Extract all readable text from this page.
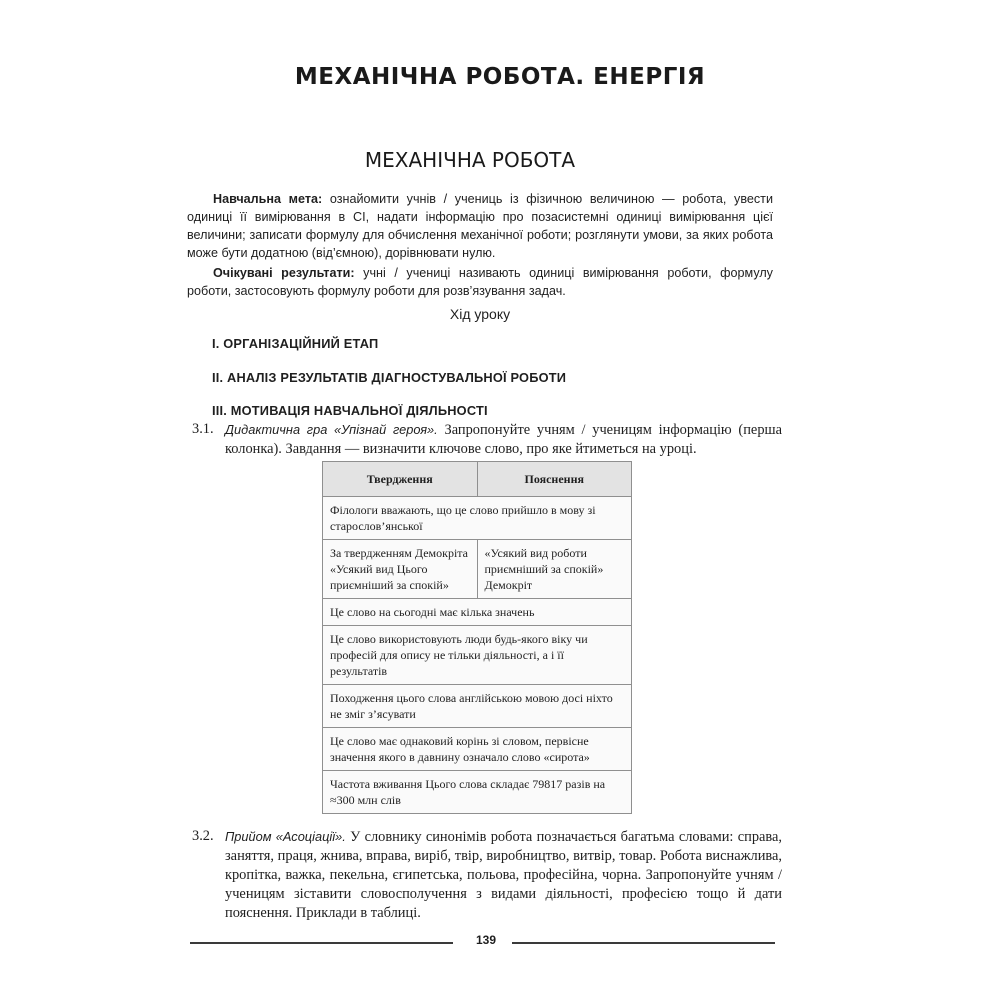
МЕХАНІЧНА РОБОТА. ЕНЕРГІЯ
МЕХАНІЧНА РОБОТА

Навчальна мета: ознайомити учнів / учениць із фізичною величиною — робота, увести одиниці її вимірювання в СІ, надати інформацію про позасистемні одиниці вимірювання цієї величини; записати формулу для обчислення механічної роботи; розглянути умови, за яких робота може бути додатною (від’ємною), дорівнювати нулю.

Очікувані результати: учні / учениці називають одиниці вимірювання роботи, формулу роботи, застосовують формулу роботи для розв’язування задач.

Хід уроку
I. ОРГАНІЗАЦІЙНИЙ ЕТАП
II. АНАЛІЗ РЕЗУЛЬТАТІВ ДІАГНОСТУВАЛЬНОЇ РОБОТИ
III. МОТИВАЦІЯ НАВЧАЛЬНОЇ ДІЯЛЬНОСТІ
3.1. Дидактична гра «Упізнай героя». Запропонуйте учням / ученицям інформацію (перша колонка). Завдання — визначити ключове слово, про яке йтиметься на уроці.
Твердження	Пояснення
Філологи вважають, що це слово прийшло в мову зі старослов’янської	
За твердженням Демокріта «Усякий вид Цього приємніший за спокій»	«Усякий вид роботи приємніший за спокій» Демокріт
Це слово на сьогодні має кілька значень	
Це слово використовують люди будь-якого віку чи професій для опису не тільки діяльності, а і її результатів	
Походження цього слова англійською мовою досі ніхто не зміг з’ясувати	
Це слово має однаковий корінь зі словом, первісне значення якого в давнину означало слово «сирота»	
Частота вживання Цього слова складає 79817 разів на ≈300 млн слів	
3.2. Прийом «Асоціації». У словнику синонімів робота позначається багатьма словами: справа, заняття, праця, жнива, вправа, виріб, твір, виробництво, витвір, товар. Робота виснажлива, кропітка, важка, пекельна, єгипетська, польова, професійна, чорна. Запропонуйте учням / ученицям зіставити словосполучення з видами діяльності, професією тощо й дати пояснення. Приклади в таблиці.
139
